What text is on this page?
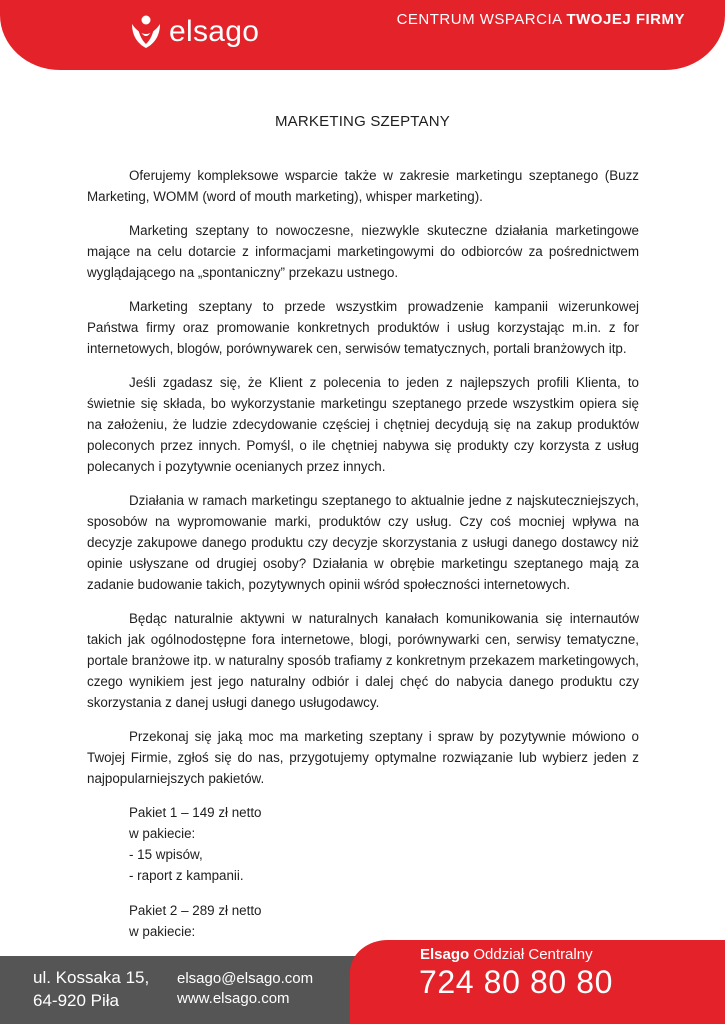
elsago	CENTRUM WSPARCIA TWOJEJ FIRMY
MARKETING SZEPTANY

Oferujemy kompleksowe wsparcie także w zakresie marketingu szeptanego (Buzz Marketing, WOMM (word of mouth marketing), whisper marketing).

Marketing szeptany to nowoczesne, niezwykle skuteczne działania marketingowe mające na celu dotarcie z informacjami marketingowymi do odbiorców za pośrednictwem wyglądającego na „spontaniczny” przekazu ustnego.

Marketing szeptany to przede wszystkim prowadzenie kampanii wizerunkowej Państwa firmy oraz promowanie konkretnych produktów i usług korzystając m.in. z for internetowych, blogów, porównywarek cen, serwisów tematycznych, portali branżowych itp.

Jeśli zgadasz się, że Klient z polecenia to jeden z najlepszych profili Klienta, to świetnie się składa, bo wykorzystanie marketingu szeptanego przede wszystkim opiera się na założeniu, że ludzie zdecydowanie częściej i chętniej decydują się na zakup produktów poleconych przez innych. Pomyśl, o ile chętniej nabywa się produkty czy korzysta z usług polecanych i pozytywnie ocenianych przez innych.

Działania w ramach marketingu szeptanego to aktualnie jedne z najskuteczniejszych, sposobów na wypromowanie marki, produktów czy usług. Czy coś mocniej wpływa na decyzje zakupowe danego produktu czy decyzje skorzystania z usługi danego dostawcy niż opinie usłyszane od drugiej osoby? Działania w obrębie marketingu szeptanego mają za zadanie budowanie takich, pozytywnych opinii wśród społeczności internetowych.

Będąc naturalnie aktywni w naturalnych kanałach komunikowania się internautów takich jak ogólnodostępne fora internetowe, blogi, porównywarki cen, serwisy tematyczne, portale branżowe itp. w naturalny sposób trafiamy z konkretnym przekazem marketingowych, czego wynikiem jest jego naturalny odbiór i dalej chęć do nabycia danego produktu czy skorzystania z danej usługi danego usługodawcy.

Przekonaj się jaką moc ma marketing szeptany i spraw by pozytywnie mówiono o Twojej Firmie, zgłoś się do nas, przygotujemy optymalne rozwiązanie lub wybierz jeden z najpopularniejszych pakietów.

Pakiet 1 – 149 zł netto
w pakiecie:
- 15 wpisów,
- raport z kampanii.
Pakiet 2 – 289 zł netto
w pakiecie:
ul. Kossaka 15,
64-920 Piła
elsago@elsago.com
www.elsago.com
Elsago Oddział Centralny
724 80 80 80
